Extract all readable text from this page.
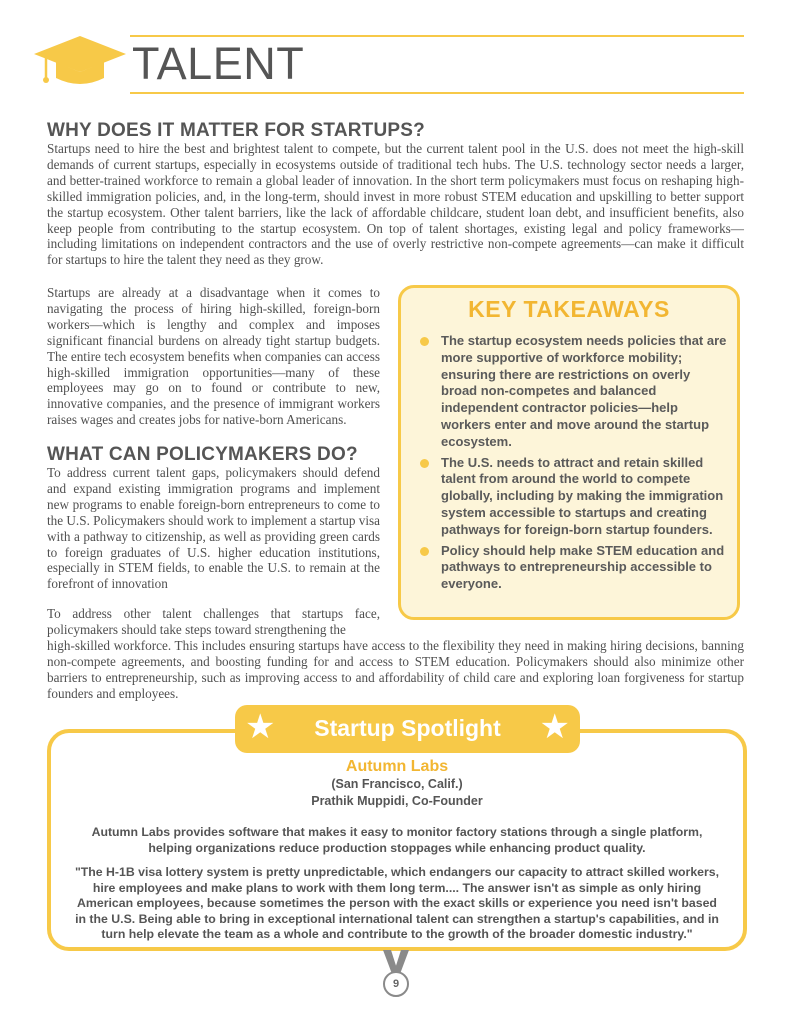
TALENT
WHY DOES IT MATTER FOR STARTUPS?

Startups need to hire the best and brightest talent to compete, but the current talent pool in the U.S. does not meet the high-skill demands of current startups, especially in ecosystems outside of traditional tech hubs. The U.S. technology sector needs a larger, and better-trained workforce to remain a global leader of innovation. In the short term policymakers must focus on reshaping high-skilled immigration policies, and, in the long-term, should invest in more robust STEM education and upskilling to better support the startup ecosystem. Other talent barriers, like the lack of affordable childcare, student loan debt, and insufficient benefits, also keep people from contributing to the startup ecosystem. On top of talent shortages, existing legal and policy frameworks—including limitations on independent contractors and the use of overly restrictive non-compete agreements—can make it difficult for startups to hire the talent they need as they grow.

Startups are already at a disadvantage when it comes to navigating the process of hiring high-skilled, foreign-born workers—which is lengthy and complex and imposes significant financial burdens on already tight startup budgets. The entire tech ecosystem benefits when companies can access high-skilled immigration opportunities—many of these employees may go on to found or contribute to new, innovative companies, and the presence of immigrant workers raises wages and creates jobs for native-born Americans.

WHAT CAN POLICYMAKERS DO?

To address current talent gaps, policymakers should defend and expand existing immigration programs and implement new programs to enable foreign-born entrepreneurs to come to the U.S. Policymakers should work to implement a startup visa with a pathway to citizenship, as well as providing green cards to foreign graduates of U.S. higher education institutions, especially in STEM fields, to enable the U.S. to remain at the forefront of innovation

To address other talent challenges that startups face, policymakers should take steps toward strengthening the

high-skilled workforce. This includes ensuring startups have access to the flexibility they need in making hiring decisions, banning non-compete agreements, and boosting funding for and access to STEM education. Policymakers should also minimize other barriers to entrepreneurship, such as improving access to and affordability of child care and exploring loan forgiveness for startup founders and employees.

KEY TAKEAWAYS
The startup ecosystem needs policies that are more supportive of workforce mobility; ensuring there are restrictions on overly broad non-competes and balanced independent contractor policies—help workers enter and move around the startup ecosystem.
The U.S. needs to attract and retain skilled talent from around the world to compete globally, including by making the immigration system accessible to startups and creating pathways for foreign-born startup founders.
Policy should help make STEM education and pathways to entrepreneurship accessible to everyone.
★	Startup Spotlight	★

Autumn Labs

(San Francisco, Calif.)

Prathik Muppidi, Co-Founder

Autumn Labs provides software that makes it easy to monitor factory stations through a single platform, helping organizations reduce production stoppages while enhancing product quality.

"The H-1B visa lottery system is pretty unpredictable, which endangers our capacity to attract skilled workers, hire employees and make plans to work with them long term.... The answer isn't as simple as only hiring American employees, because sometimes the person with the exact skills or experience you need isn't based in the U.S. Being able to bring in exceptional international talent can strengthen a startup's capabilities, and in turn help elevate the team as a whole and contribute to the growth of the broader domestic industry."

9
